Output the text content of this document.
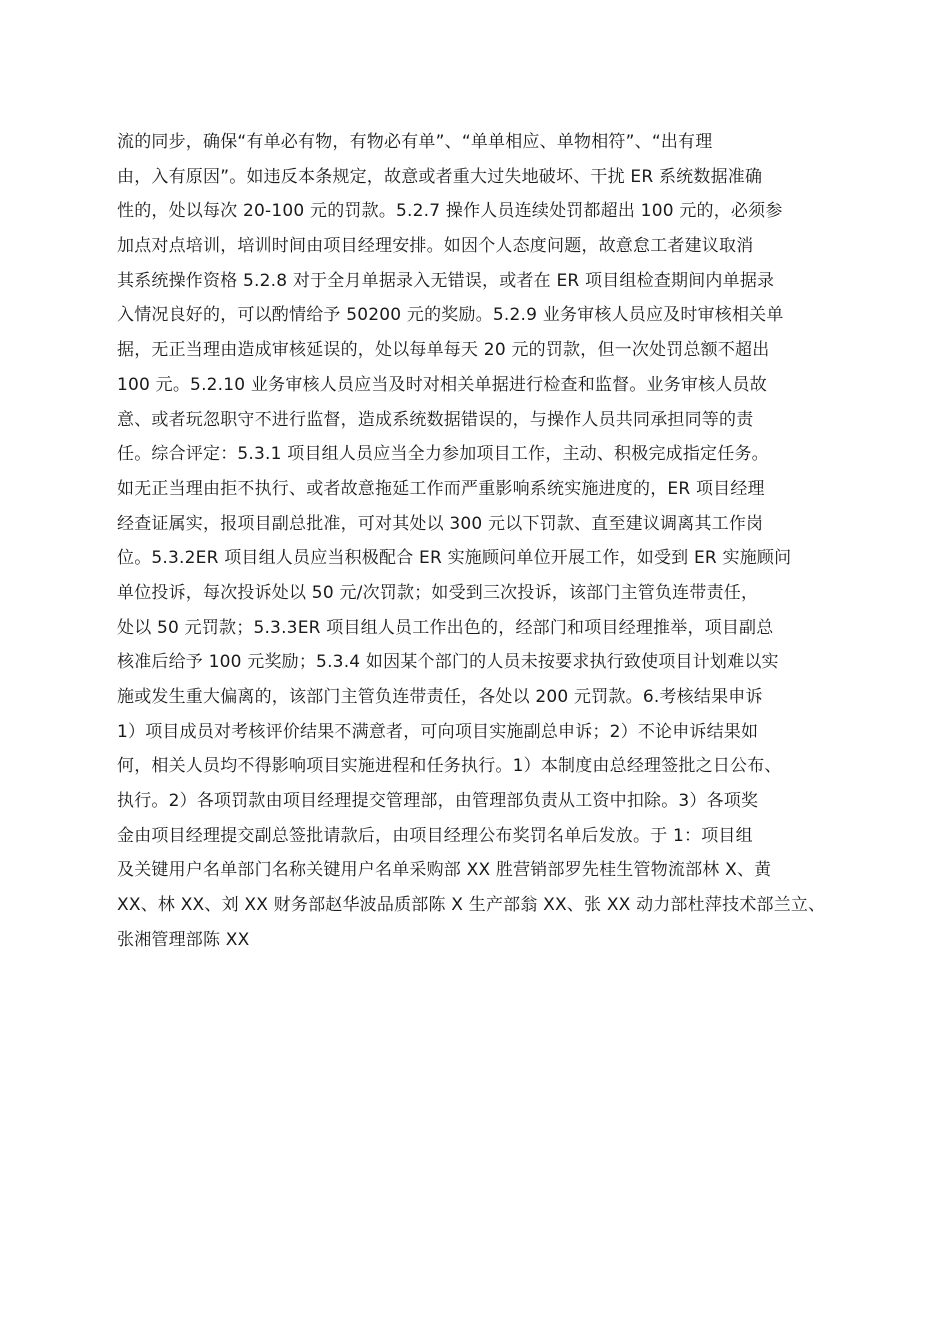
流的同步，确保“有单必有物，有物必有单”、“单单相应、单物相符”、“出有理
由，入有原因”。如违反本条规定，故意或者重大过失地破坏、干扰 ER 系统数据准确
性的，处以每次 20-100 元的罚款。5.2.7 操作人员连续处罚都超出 100 元的，必须参
加点对点培训，培训时间由项目经理安排。如因个人态度问题，故意怠工者建议取消
其系统操作资格 5.2.8 对于全月单据录入无错误，或者在 ER 项目组检查期间内单据录
入情况良好的，可以酌情给予 50200 元的奖励。5.2.9 业务审核人员应及时审核相关单
据，无正当理由造成审核延误的，处以每单每天 20 元的罚款，但一次处罚总额不超出
100 元。5.2.10 业务审核人员应当及时对相关单据进行检查和监督。业务审核人员故
意、或者玩忽职守不进行监督，造成系统数据错误的，与操作人员共同承担同等的责
任。综合评定：5.3.1 项目组人员应当全力参加项目工作，主动、积极完成指定任务。
如无正当理由拒不执行、或者故意拖延工作而严重影响系统实施进度的，ER 项目经理
经查证属实，报项目副总批准，可对其处以 300 元以下罚款、直至建议调离其工作岗
位。5.3.2ER 项目组人员应当积极配合 ER 实施顾问单位开展工作，如受到 ER 实施顾问
单位投诉，每次投诉处以 50 元/次罚款；如受到三次投诉，该部门主管负连带责任，
处以 50 元罚款；5.3.3ER 项目组人员工作出色的，经部门和项目经理推举，项目副总
核准后给予 100 元奖励；5.3.4 如因某个部门的人员未按要求执行致使项目计划难以实
施或发生重大偏离的，该部门主管负连带责任，各处以 200 元罚款。6.考核结果申诉
1）项目成员对考核评价结果不满意者，可向项目实施副总申诉；2）不论申诉结果如
何，相关人员均不得影响项目实施进程和任务执行。1）本制度由总经理签批之日公布、
执行。2）各项罚款由项目经理提交管理部，由管理部负责从工资中扣除。3）各项奖
金由项目经理提交副总签批请款后，由项目经理公布奖罚名单后发放。于 1：项目组
及关键用户名单部门名称关键用户名单采购部 XX 胜营销部罗先桂生管物流部林 X、黄
XX、林 XX、刘 XX 财务部赵华波品质部陈 X 生产部翁 XX、张 XX 动力部杜萍技术部兰立、
张湘管理部陈 XX
